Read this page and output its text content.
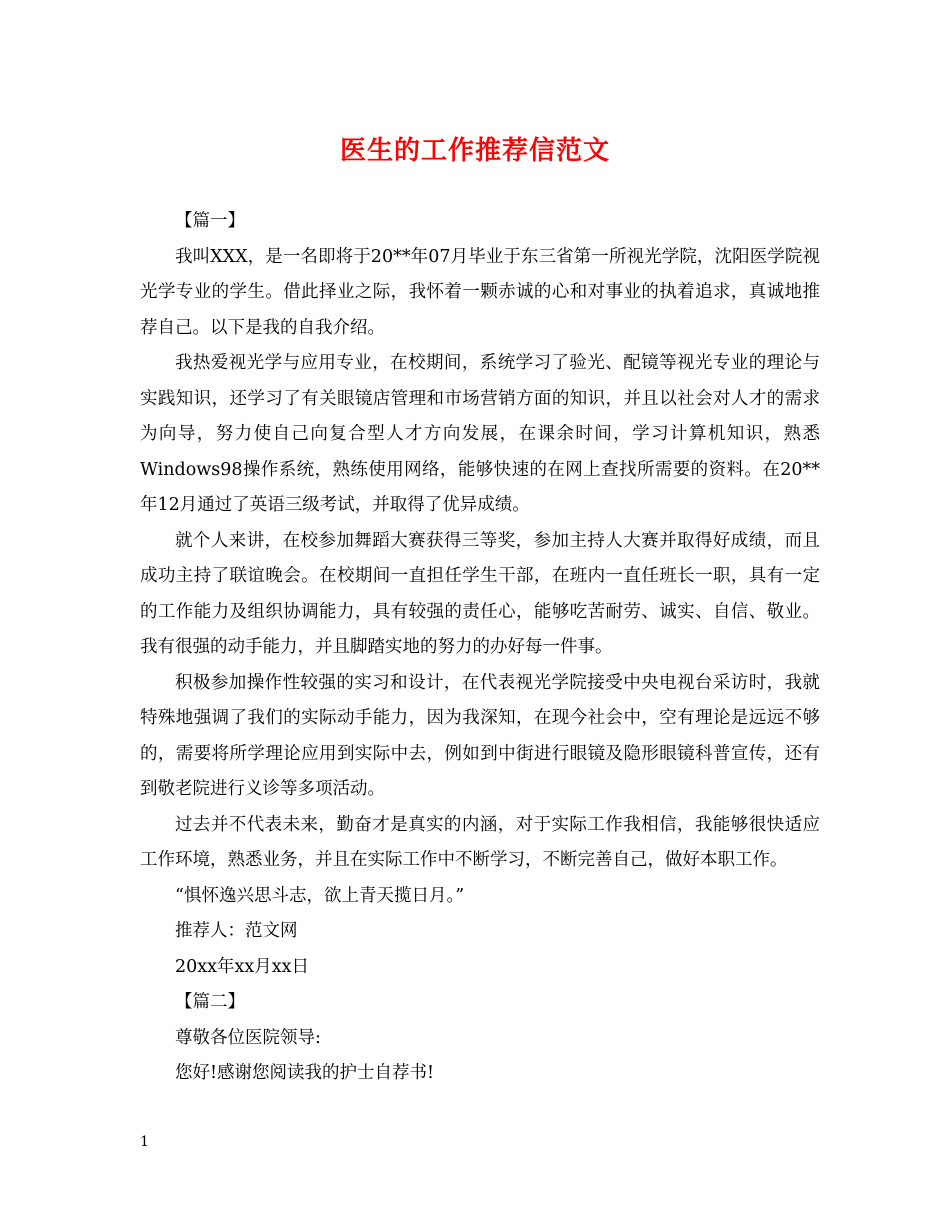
医生的工作推荐信范文

【篇一】

我叫XXX，是一名即将于20**年07月毕业于东三省第一所视光学院，沈阳医学院视光学专业的学生。借此择业之际，我怀着一颗赤诚的心和对事业的执着追求，真诚地推荐自己。以下是我的自我介绍。

我热爱视光学与应用专业，在校期间，系统学习了验光、配镜等视光专业的理论与实践知识，还学习了有关眼镜店管理和市场营销方面的知识，并且以社会对人才的需求为向导，努力使自己向复合型人才方向发展，在课余时间，学习计算机知识，熟悉Windows98操作系统，熟练使用网络，能够快速的在网上查找所需要的资料。在20**年12月通过了英语三级考试，并取得了优异成绩。

就个人来讲，在校参加舞蹈大赛获得三等奖，参加主持人大赛并取得好成绩，而且成功主持了联谊晚会。在校期间一直担任学生干部，在班内一直任班长一职，具有一定的工作能力及组织协调能力，具有较强的责任心，能够吃苦耐劳、诚实、自信、敬业。我有很强的动手能力，并且脚踏实地的努力的办好每一件事。

积极参加操作性较强的实习和设计，在代表视光学院接受中央电视台采访时，我就特殊地强调了我们的实际动手能力，因为我深知，在现今社会中，空有理论是远远不够的，需要将所学理论应用到实际中去，例如到中街进行眼镜及隐形眼镜科普宣传，还有到敬老院进行义诊等多项活动。

过去并不代表未来，勤奋才是真实的内涵，对于实际工作我相信，我能够很快适应工作环境，熟悉业务，并且在实际工作中不断学习，不断完善自己，做好本职工作。

“惧怀逸兴思斗志，欲上青天揽日月。”

推荐人：范文网

20xx年xx月xx日

【篇二】

尊敬各位医院领导:

您好!感谢您阅读我的护士自荐书!

1
